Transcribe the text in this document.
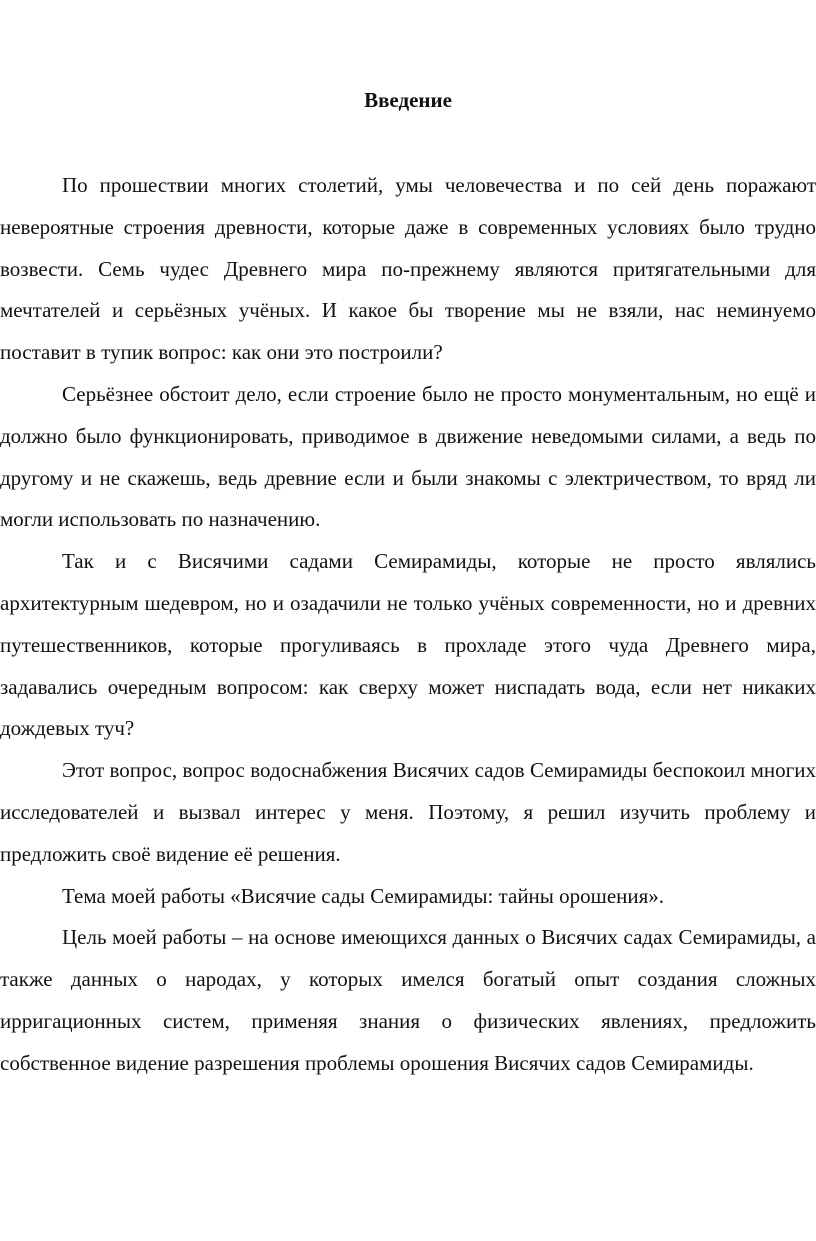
Введение

По прошествии многих столетий, умы человечества и по сей день поражают невероятные строения древности, которые даже в современных условиях было трудно возвести. Семь чудес Древнего мира по-прежнему являются притягательными для мечтателей и серьёзных учёных. И какое бы творение мы не взяли, нас неминуемо поставит в тупик вопрос: как они это построили?

Серьёзнее обстоит дело, если строение было не просто монументальным, но ещё и должно было функционировать, приводимое в движение неведомыми силами, а ведь по другому и не скажешь, ведь древние если и были знакомы с электричеством, то вряд ли могли использовать по назначению.

Так и с Висячими садами Семирамиды, которые не просто являлись архитектурным шедевром, но и озадачили не только учёных современности, но и древних путешественников, которые прогуливаясь в прохладе этого чуда Древнего мира, задавались очередным вопросом: как сверху может ниспадать вода, если нет никаких дождевых туч?

Этот вопрос, вопрос водоснабжения Висячих садов Семирамиды беспокоил многих исследователей и вызвал интерес у меня. Поэтому, я решил изучить проблему и предложить своё видение её решения.

Тема моей работы «Висячие сады Семирамиды: тайны орошения».

Цель моей работы – на основе имеющихся данных о Висячих садах Семирамиды, а также данных о народах, у которых имелся богатый опыт создания сложных ирригационных систем, применяя знания о физических явлениях, предложить собственное видение разрешения проблемы орошения Висячих садов Семирамиды.
